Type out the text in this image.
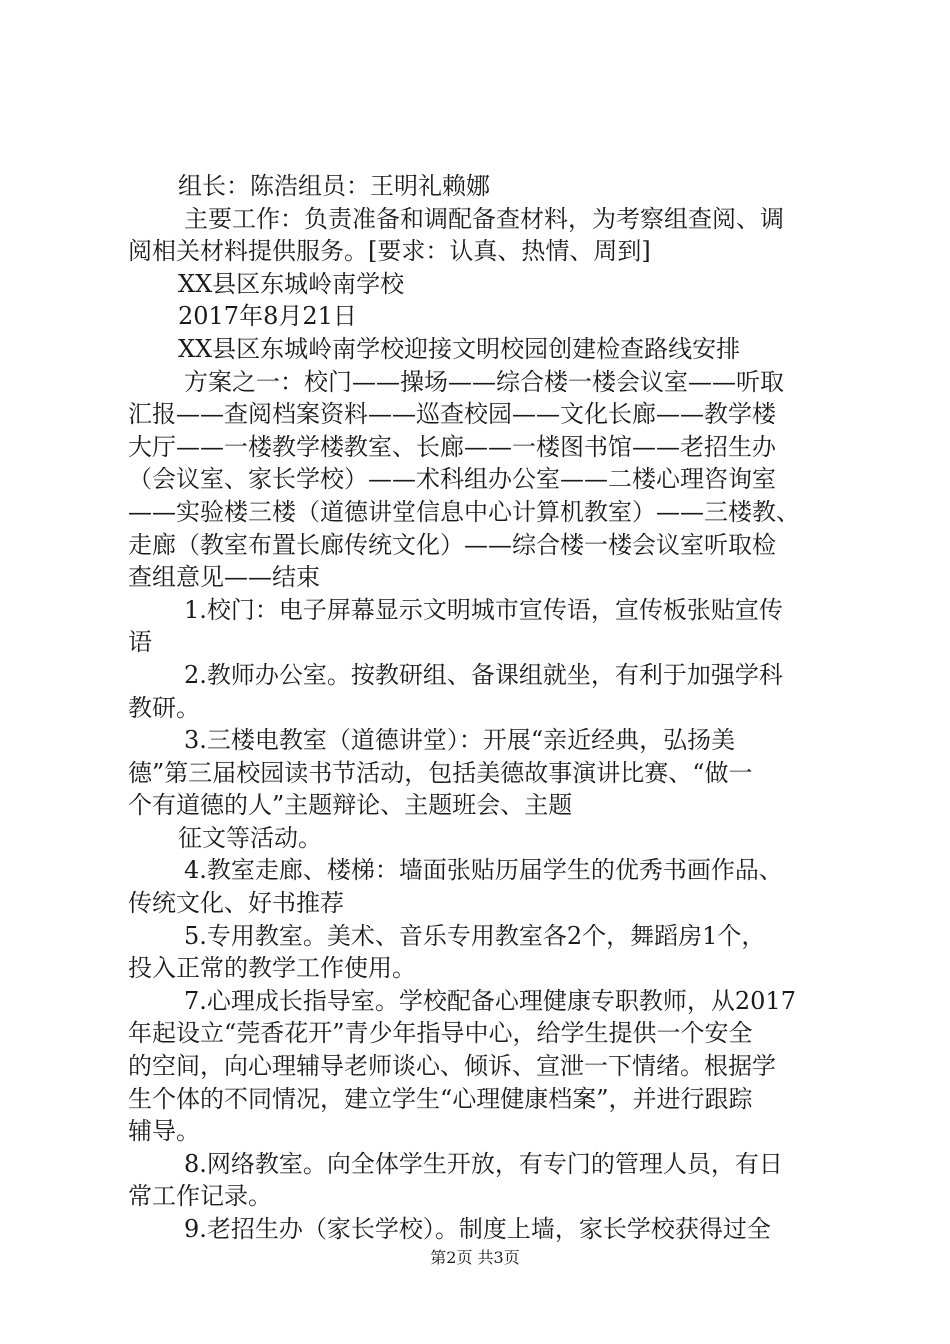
组长：陈浩组员：王明礼赖娜
主要工作：负责准备和调配备查材料，为考察组查阅、调
阅相关材料提供服务。[要求：认真、热情、周到]
XX县区东城岭南学校
2017年8月21日
XX县区东城岭南学校迎接文明校园创建检查路线安排
方案之一：校门——操场——综合楼一楼会议室——听取
汇报——查阅档案资料——巡查校园——文化长廊——教学楼
大厅——一楼教学楼教室、长廊——一楼图书馆——老招生办
（会议室、家长学校）——术科组办公室——二楼心理咨询室
——实验楼三楼（道德讲堂信息中心计算机教室）——三楼教、
走廊（教室布置长廊传统文化）——综合楼一楼会议室听取检
查组意见——结束
1.校门：电子屏幕显示文明城市宣传语，宣传板张贴宣传
语
2.教师办公室。按教研组、备课组就坐，有利于加强学科
教研。
3.三楼电教室（道德讲堂）：开展“亲近经典，弘扬美
德”第三届校园读书节活动，包括美德故事演讲比赛、“做一
个有道德的人”主题辩论、主题班会、主题
征文等活动。
4.教室走廊、楼梯：墙面张贴历届学生的优秀书画作品、
传统文化、好书推荐
5.专用教室。美术、音乐专用教室各2个，舞蹈房1个，
投入正常的教学工作使用。
7.心理成长指导室。学校配备心理健康专职教师，从2017
年起设立“莞香花开”青少年指导中心，给学生提供一个安全
的空间，向心理辅导老师谈心、倾诉、宣泄一下情绪。根据学
生个体的不同情况，建立学生“心理健康档案”，并进行跟踪
辅导。
8.网络教室。向全体学生开放，有专门的管理人员，有日
常工作记录。
9.老招生办（家长学校）。制度上墙，家长学校获得过全
第2页 共3页
